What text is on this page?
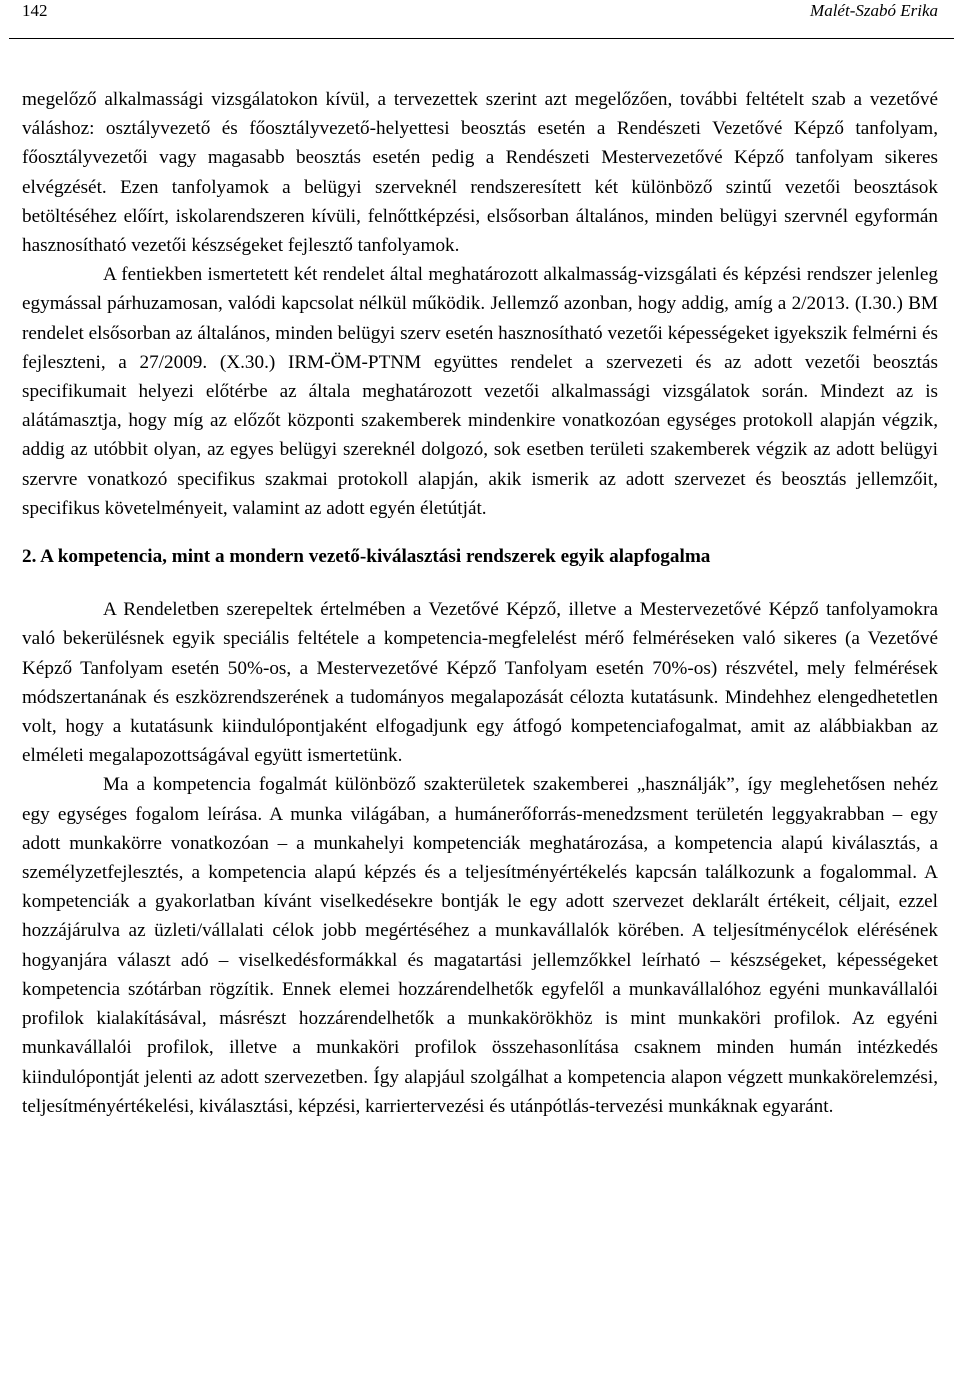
142	Malét-Szabó Erika

megelőző alkalmassági vizsgálatokon kívül, a tervezettek szerint azt megelőzően, további feltételt szab a vezetővé váláshoz: osztályvezető és főosztályvezető-helyettesi beosztás esetén a Rendészeti Vezetővé Képző tanfolyam, főosztályvezetői vagy magasabb beosztás esetén pedig a Rendészeti Mestervezetővé Képző tanfolyam sikeres elvégzését. Ezen tanfolyamok a belügyi szerveknél rendszeresített két különböző szintű vezetői beosztások betöltéséhez előírt, iskolarendszeren kívüli, felnőttképzési, elsősorban általános, minden belügyi szervnél egyformán hasznosítható vezetői készségeket fejlesztő tanfolyamok.

A fentiekben ismertetett két rendelet által meghatározott alkalmasság-vizsgálati és képzési rendszer jelenleg egymással párhuzamosan, valódi kapcsolat nélkül működik. Jellemző azonban, hogy addig, amíg a 2/2013. (I.30.) BM rendelet elsősorban az általános, minden belügyi szerv esetén hasznosítható vezetői képességeket igyekszik felmérni és fejleszteni, a 27/2009. (X.30.) IRM-ÖM-PTNM együttes rendelet a szervezeti és az adott vezetői beosztás specifikumait helyezi előtérbe az általa meghatározott vezetői alkalmassági vizsgálatok során. Mindezt az is alátámasztja, hogy míg az előzőt központi szakemberek mindenkire vonatkozóan egységes protokoll alapján végzik, addig az utóbbit olyan, az egyes belügyi szereknél dolgozó, sok esetben területi szakemberek végzik az adott belügyi szervre vonatkozó specifikus szakmai protokoll alapján, akik ismerik az adott szervezet és beosztás jellemzőit, specifikus követelményeit, valamint az adott egyén életútját.

2. A kompetencia, mint a mondern vezető-kiválasztási rendszerek egyik alapfogalma

A Rendeletben szerepeltek értelmében a Vezetővé Képző, illetve a Mestervezetővé Képző tanfolyamokra való bekerülésnek egyik speciális feltétele a kompetencia-megfelelést mérő felméréseken való sikeres (a Vezetővé Képző Tanfolyam esetén 50%-os, a Mestervezetővé Képző Tanfolyam esetén 70%-os) részvétel, mely felmérések módszertanának és eszközrendszerének a tudományos megalapozását célozta kutatásunk. Mindehhez elengedhetetlen volt, hogy a kutatásunk kiindulópontjaként elfogadjunk egy átfogó kompetenciafogalmat, amit az alábbiakban az elméleti megalapozottságával együtt ismertetünk.

Ma a kompetencia fogalmát különböző szakterületek szakemberei „használják”, így meglehetősen nehéz egy egységes fogalom leírása. A munka világában, a humánerőforrás-menedzsment területén leggyakrabban – egy adott munkakörre vonatkozóan – a munkahelyi kompetenciák meghatározása, a kompetencia alapú kiválasztás, a személyzetfejlesztés, a kompetencia alapú képzés és a teljesítményértékelés kapcsán találkozunk a fogalommal. A kompetenciák a gyakorlatban kívánt viselkedésekre bontják le egy adott szervezet deklarált értékeit, céljait, ezzel hozzájárulva az üzleti/vállalati célok jobb megértéséhez a munkavállalók körében. A teljesítménycélok elérésének hogyanjára választ adó – viselkedésformákkal és magatartási jellemzőkkel leírható – készségeket, képességeket kompetencia szótárban rögzítik. Ennek elemei hozzárendelhetők egyfelől a munkavállalóhoz egyéni munkavállalói profilok kialakításával, másrészt hozzárendelhetők a munkakörökhöz is mint munkaköri profilok. Az egyéni munkavállalói profilok, illetve a munkaköri profilok összehasonlítása csaknem minden humán intézkedés kiindulópontját jelenti az adott szervezetben. Így alapjául szolgálhat a kompetencia alapon végzett munkakörelemzési, teljesítményértékelési, kiválasztási, képzési, karriertervezési és utánpótlás-tervezési munkáknak egyaránt.
